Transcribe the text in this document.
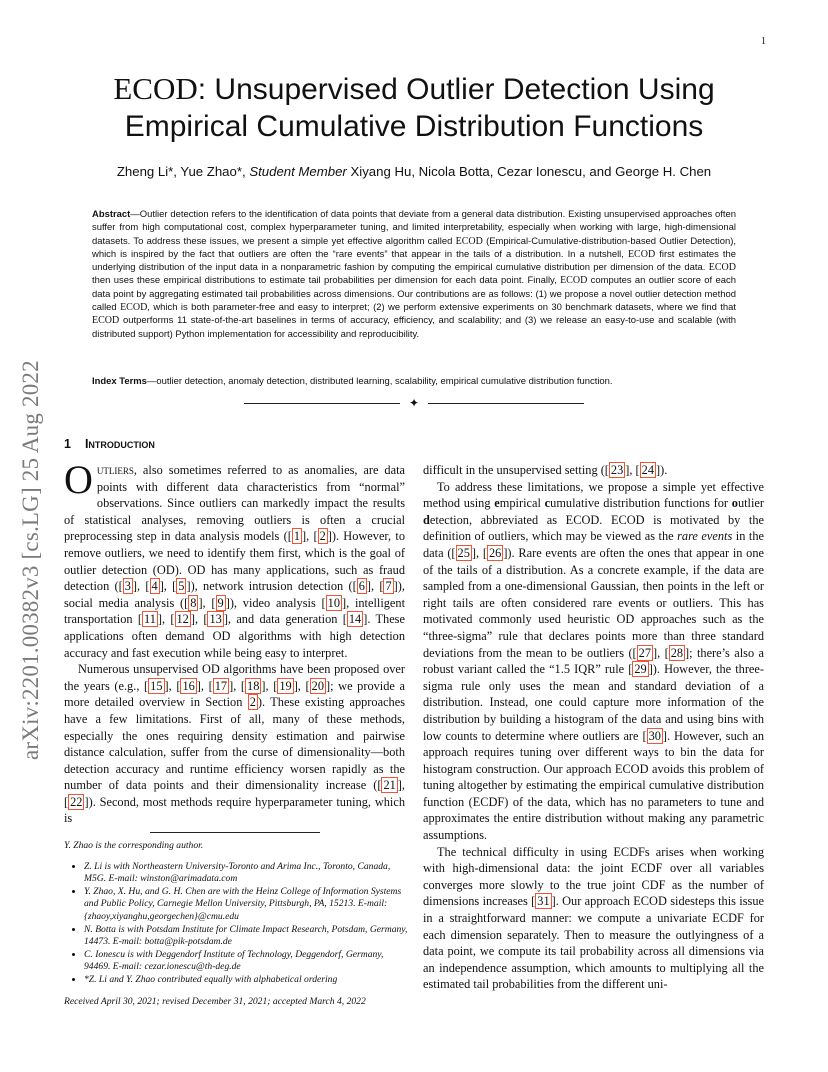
1
arXiv:2201.00382v3 [cs.LG] 25 Aug 2022
ECOD: Unsupervised Outlier Detection Using
Empirical Cumulative Distribution Functions
Zheng Li*, Yue Zhao*, Student Member Xiyang Hu, Nicola Botta, Cezar Ionescu, and George H. Chen
Abstract—Outlier detection refers to the identification of data points that deviate from a general data distribution. Existing unsupervised approaches often suffer from high computational cost, complex hyperparameter tuning, and limited interpretability, especially when working with large, high-dimensional datasets. To address these issues, we present a simple yet effective algorithm called ECOD (Empirical-Cumulative-distribution-based Outlier Detection), which is inspired by the fact that outliers are often the “rare events” that appear in the tails of a distribution. In a nutshell, ECOD first estimates the underlying distribution of the input data in a nonparametric fashion by computing the empirical cumulative distribution per dimension of the data. ECOD then uses these empirical distributions to estimate tail probabilities per dimension for each data point. Finally, ECOD computes an outlier score of each data point by aggregating estimated tail probabilities across dimensions. Our contributions are as follows: (1) we propose a novel outlier detection method called ECOD, which is both parameter-free and easy to interpret; (2) we perform extensive experiments on 30 benchmark datasets, where we find that ECOD outperforms 11 state-of-the-art baselines in terms of accuracy, efficiency, and scalability; and (3) we release an easy-to-use and scalable (with distributed support) Python implementation for accessibility and reproducibility.
Index Terms—outlier detection, anomaly detection, distributed learning, scalability, empirical cumulative distribution function.
✦
1 Introduction

Outliers, also sometimes referred to as anomalies, are data points with different data characteristics from “normal” observations. Since outliers can markedly impact the results of statistical analyses, removing outliers is often a crucial preprocessing step in data analysis models ([ 1 ], [ 2 ]). However, to remove outliers, we need to identify them first, which is the goal of outlier detection (OD). OD has many applications, such as fraud detection ([ 3 ], [ 4 ], [ 5 ]), network intrusion detection ([ 6 ], [ 7 ]), social media analysis ([ 8 ], [ 9 ]), video analysis [ 10 ], intelligent transportation [ 11 ], [ 12 ], [ 13 ], and data generation [ 14 ]. These applications often demand OD algorithms with high detection accuracy and fast execution while being easy to interpret.

Numerous unsupervised OD algorithms have been proposed over the years (e.g., [ 15 ], [ 16 ], [ 17 ], [ 18 ], [ 19 ], [ 20 ]; we provide a more detailed overview in Section 2 ). These existing approaches have a few limitations. First of all, many of these methods, especially the ones requiring density estimation and pairwise distance calculation, suffer from the curse of dimensionality—both detection accuracy and runtime efficiency worsen rapidly as the number of data points and their dimensionality increase ([ 21 ], [ 22 ]). Second, most methods require hyperparameter tuning, which is

difficult in the unsupervised setting ([ 23 ], [ 24 ]).

To address these limitations, we propose a simple yet effective method using empirical cumulative distribution functions for outlier detection, abbreviated as ECOD. ECOD is motivated by the definition of outliers, which may be viewed as the rare events in the data ([ 25 ], [ 26 ]). Rare events are often the ones that appear in one of the tails of a distribution. As a concrete example, if the data are sampled from a one-dimensional Gaussian, then points in the left or right tails are often considered rare events or outliers. This has motivated commonly used heuristic OD approaches such as the “three-sigma” rule that declares points more than three standard deviations from the mean to be outliers ([ 27 ], [ 28 ]; there’s also a robust variant called the “1.5 IQR” rule [ 29 ]). However, the three-sigma rule only uses the mean and standard deviation of a distribution. Instead, one could capture more information of the distribution by building a histogram of the data and using bins with low counts to determine where outliers are [ 30 ]. However, such an approach requires tuning over different ways to bin the data for histogram construction. Our approach ECOD avoids this problem of tuning altogether by estimating the empirical cumulative distribution function (ECDF) of the data, which has no parameters to tune and approximates the entire distribution without making any parametric assumptions.

The technical difficulty in using ECDFs arises when working with high-dimensional data: the joint ECDF over all variables converges more slowly to the true joint CDF as the number of dimensions increases [ 31 ]. Our approach ECOD sidesteps this issue in a straightforward manner: we compute a univariate ECDF for each dimension separately. Then to measure the outlyingness of a data point, we compute its tail probability across all dimensions via an independence assumption, which amounts to multiplying all the estimated tail probabilities from the different uni-

Y. Zhao is the corresponding author.
• Z. Li is with Northeastern University-Toronto and Arima Inc., Toronto, Canada, M5G. E-mail: winston@arimadata.com
• Y. Zhao, X. Hu, and G. H. Chen are with the Heinz College of Information Systems and Public Policy, Carnegie Mellon University, Pittsburgh, PA, 15213. E-mail: {zhaoy,xiyanghu,georgechen}@cmu.edu
• N. Botta is with Potsdam Institute for Climate Impact Research, Potsdam, Germany, 14473. E-mail: botta@pik-potsdam.de
• C. Ionescu is with Deggendorf Institute of Technology, Deggendorf, Germany, 94469. E-mail: cezar.ionescu@th-deg.de
• *Z. Li and Y. Zhao contributed equally with alphabetical ordering
Received April 30, 2021; revised December 31, 2021; accepted March 4, 2022
